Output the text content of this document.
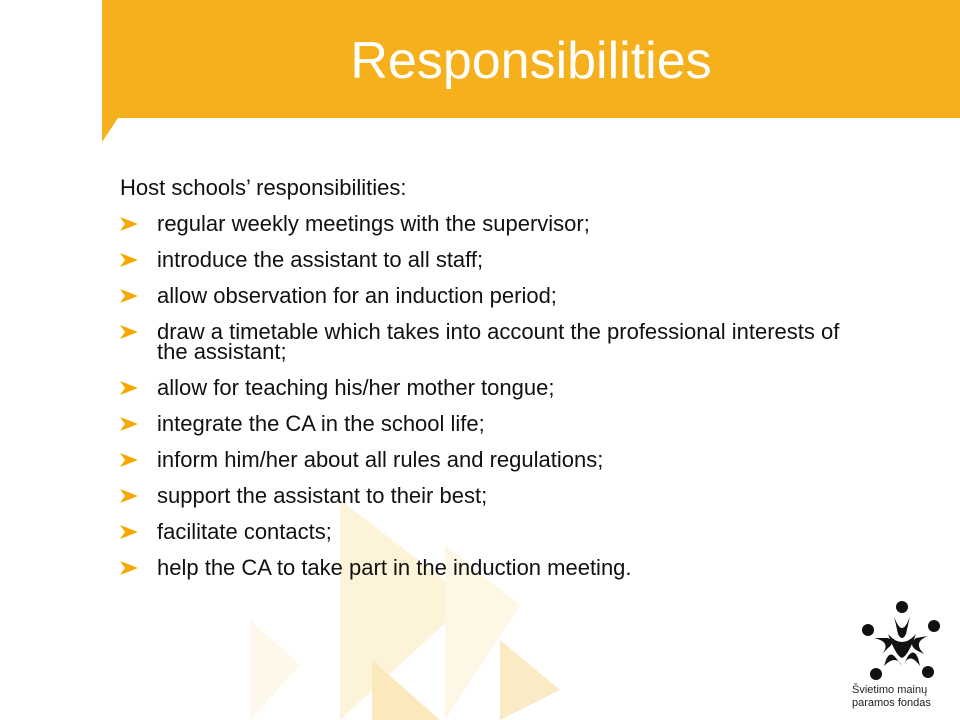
Responsibilities

Host schools’ responsibilities:

regular weekly meetings with the supervisor;
introduce the assistant to all staff;
allow observation for an induction period;
draw a timetable which takes into account the professional interests of the assistant;
allow for teaching his/her mother tongue;
integrate the CA in the school life;
inform him/her about all rules and regulations;
support the assistant to their best;
facilitate contacts;
help the CA to take part in the induction meeting.
Švietimo mainų
paramos fondas
